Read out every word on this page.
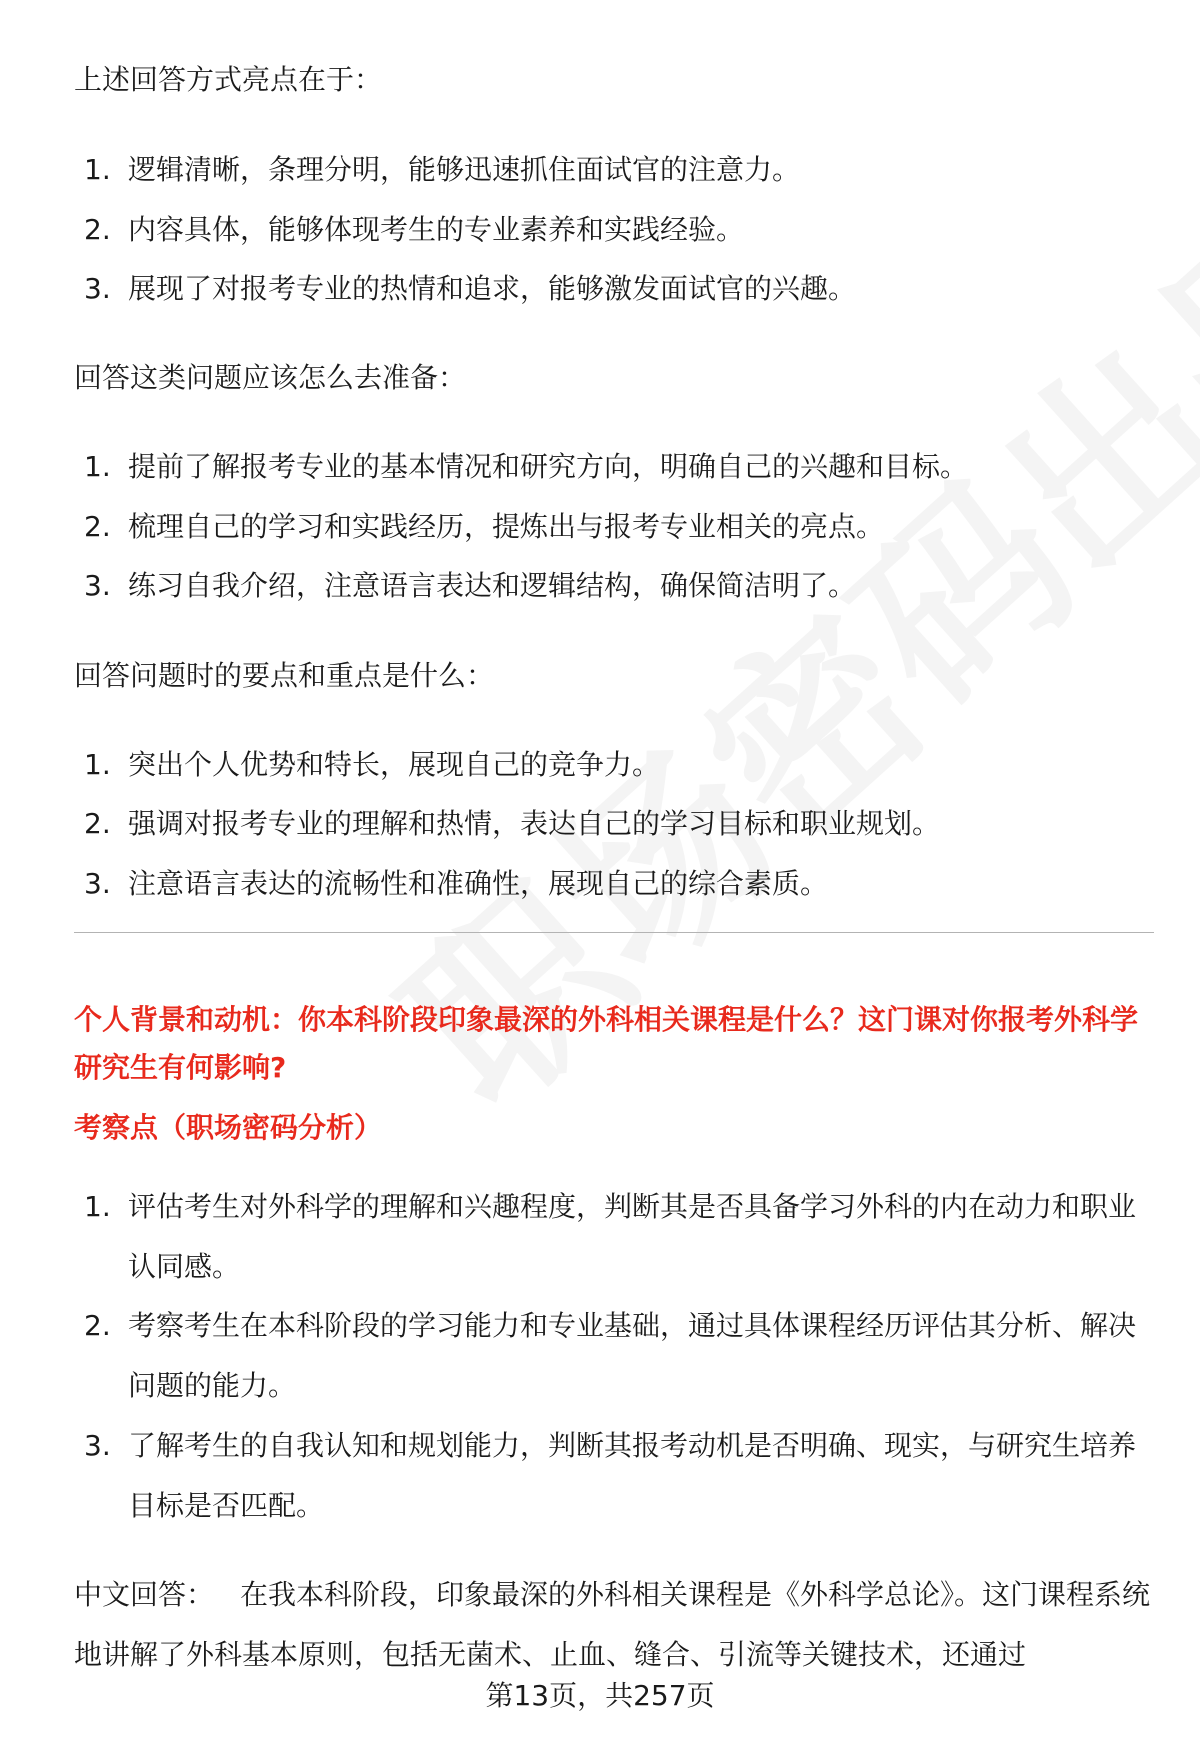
上述回答方式亮点在于：

1. 逻辑清晰，条理分明，能够迅速抓住面试官的注意力。
2. 内容具体，能够体现考生的专业素养和实践经验。
3. 展现了对报考专业的热情和追求，能够激发面试官的兴趣。

回答这类问题应该怎么去准备：

1. 提前了解报考专业的基本情况和研究方向，明确自己的兴趣和目标。
2. 梳理自己的学习和实践经历，提炼出与报考专业相关的亮点。
3. 练习自我介绍，注意语言表达和逻辑结构，确保简洁明了。

回答问题时的要点和重点是什么：

1. 突出个人优势和特长，展现自己的竞争力。
2. 强调对报考专业的理解和热情，表达自己的学习目标和职业规划。
3. 注意语言表达的流畅性和准确性，展现自己的综合素质。
个人背景和动机：你本科阶段印象最深的外科相关课程是什么？这门课对你报考外科学研究生有何影响?
考察点（职场密码分析）
1. 评估考生对外科学的理解和兴趣程度，判断其是否具备学习外科的内在动力和职业认同感。
2. 考察考生在本科阶段的学习能力和专业基础，通过具体课程经历评估其分析、解决问题的能力。
3. 了解考生的自我认知和规划能力，判断其报考动机是否明确、现实，与研究生培养目标是否匹配。
中文回答： 在我本科阶段，印象最深的外科相关课程是《外科学总论》。这门课程系统地讲解了外科基本原则，包括无菌术、止血、缝合、引流等关键技术，还通过
第13页，共257页
